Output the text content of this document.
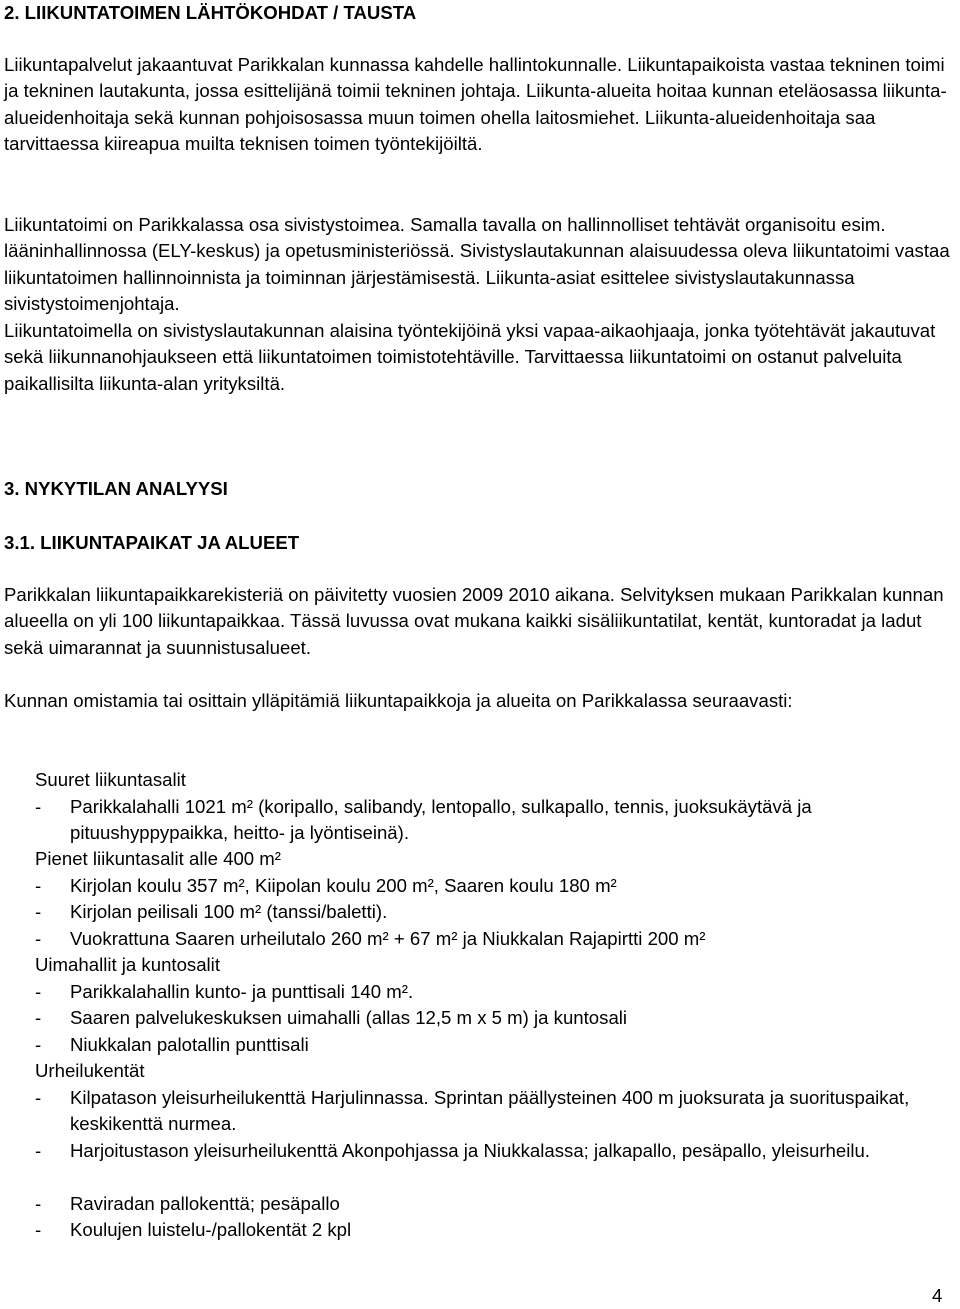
2. LIIKUNTATOIMEN LÄHTÖKOHDAT / TAUSTA

Liikuntapalvelut jakaantuvat Parikkalan kunnassa kahdelle hallintokunnalle. Liikuntapaikoista vastaa tekninen toimi ja tekninen lautakunta, jossa esittelijänä toimii tekninen johtaja. Liikunta-alueita hoitaa kunnan eteläosassa liikunta-alueidenhoitaja sekä kunnan pohjoisosassa muun toimen ohella laitosmiehet. Liikunta-alueidenhoitaja saa tarvittaessa kiireapua muilta teknisen toimen työntekijöiltä.

Liikuntatoimi on Parikkalassa osa sivistystoimea. Samalla tavalla on hallinnolliset tehtävät organisoitu esim. lääninhallinnossa (ELY-keskus) ja opetusministeriössä. Sivistyslautakunnan alaisuudessa oleva liikuntatoimi vastaa liikuntatoimen hallinnoinnista ja toiminnan järjestämisestä. Liikunta-asiat esittelee sivistyslautakunnassa sivistystoimenjohtaja.

Liikuntatoimella on sivistyslautakunnan alaisina työntekijöinä yksi vapaa-aikaohjaaja, jonka työtehtävät jakautuvat sekä liikunnanohjaukseen että liikuntatoimen toimistotehtäville. Tarvittaessa liikuntatoimi on ostanut palveluita paikallisilta liikunta-alan yrityksiltä.

3. NYKYTILAN ANALYYSI
3.1. LIIKUNTAPAIKAT JA ALUEET

Parikkalan liikuntapaikkarekisteriä on päivitetty vuosien 2009 2010 aikana. Selvityksen mukaan Parikkalan kunnan alueella on yli 100 liikuntapaikkaa. Tässä luvussa ovat mukana kaikki sisäliikuntatilat, kentät, kuntoradat ja ladut sekä uimarannat ja suunnistusalueet.

Kunnan omistamia tai osittain ylläpitämiä liikuntapaikkoja ja alueita on Parikkalassa seuraavasti:

Suuret liikuntasalit

-	Parikkalahalli 1021 m² (koripallo, salibandy, lentopallo, sulkapallo, tennis, juoksukäytävä ja pituushyppypaikka, heitto- ja lyöntiseinä).

Pienet liikuntasalit alle 400 m²

-	Kirjolan koulu 357 m², Kiipolan koulu 200 m², Saaren koulu 180 m²
-	Kirjolan peilisali 100 m² (tanssi/baletti).
-	Vuokrattuna Saaren urheilutalo 260 m² + 67 m² ja Niukkalan Rajapirtti 200 m²

Uimahallit ja kuntosalit

-	Parikkalahallin kunto- ja punttisali 140 m².
-	Saaren palvelukeskuksen uimahalli (allas 12,5 m x 5 m) ja kuntosali
-	Niukkalan palotallin punttisali

Urheilukentät

-	Kilpatason yleisurheilukenttä Harjulinnassa. Sprintan päällysteinen 400 m juoksurata ja suorituspaikat, keskikenttä nurmea.
-	Harjoitustason yleisurheilukenttä Akonpohjassa ja Niukkalassa; jalkapallo, pesäpallo, yleisurheilu.
-	Raviradan pallokenttä; pesäpallo
-	Koulujen luistelu-/pallokentät 2 kpl
4
